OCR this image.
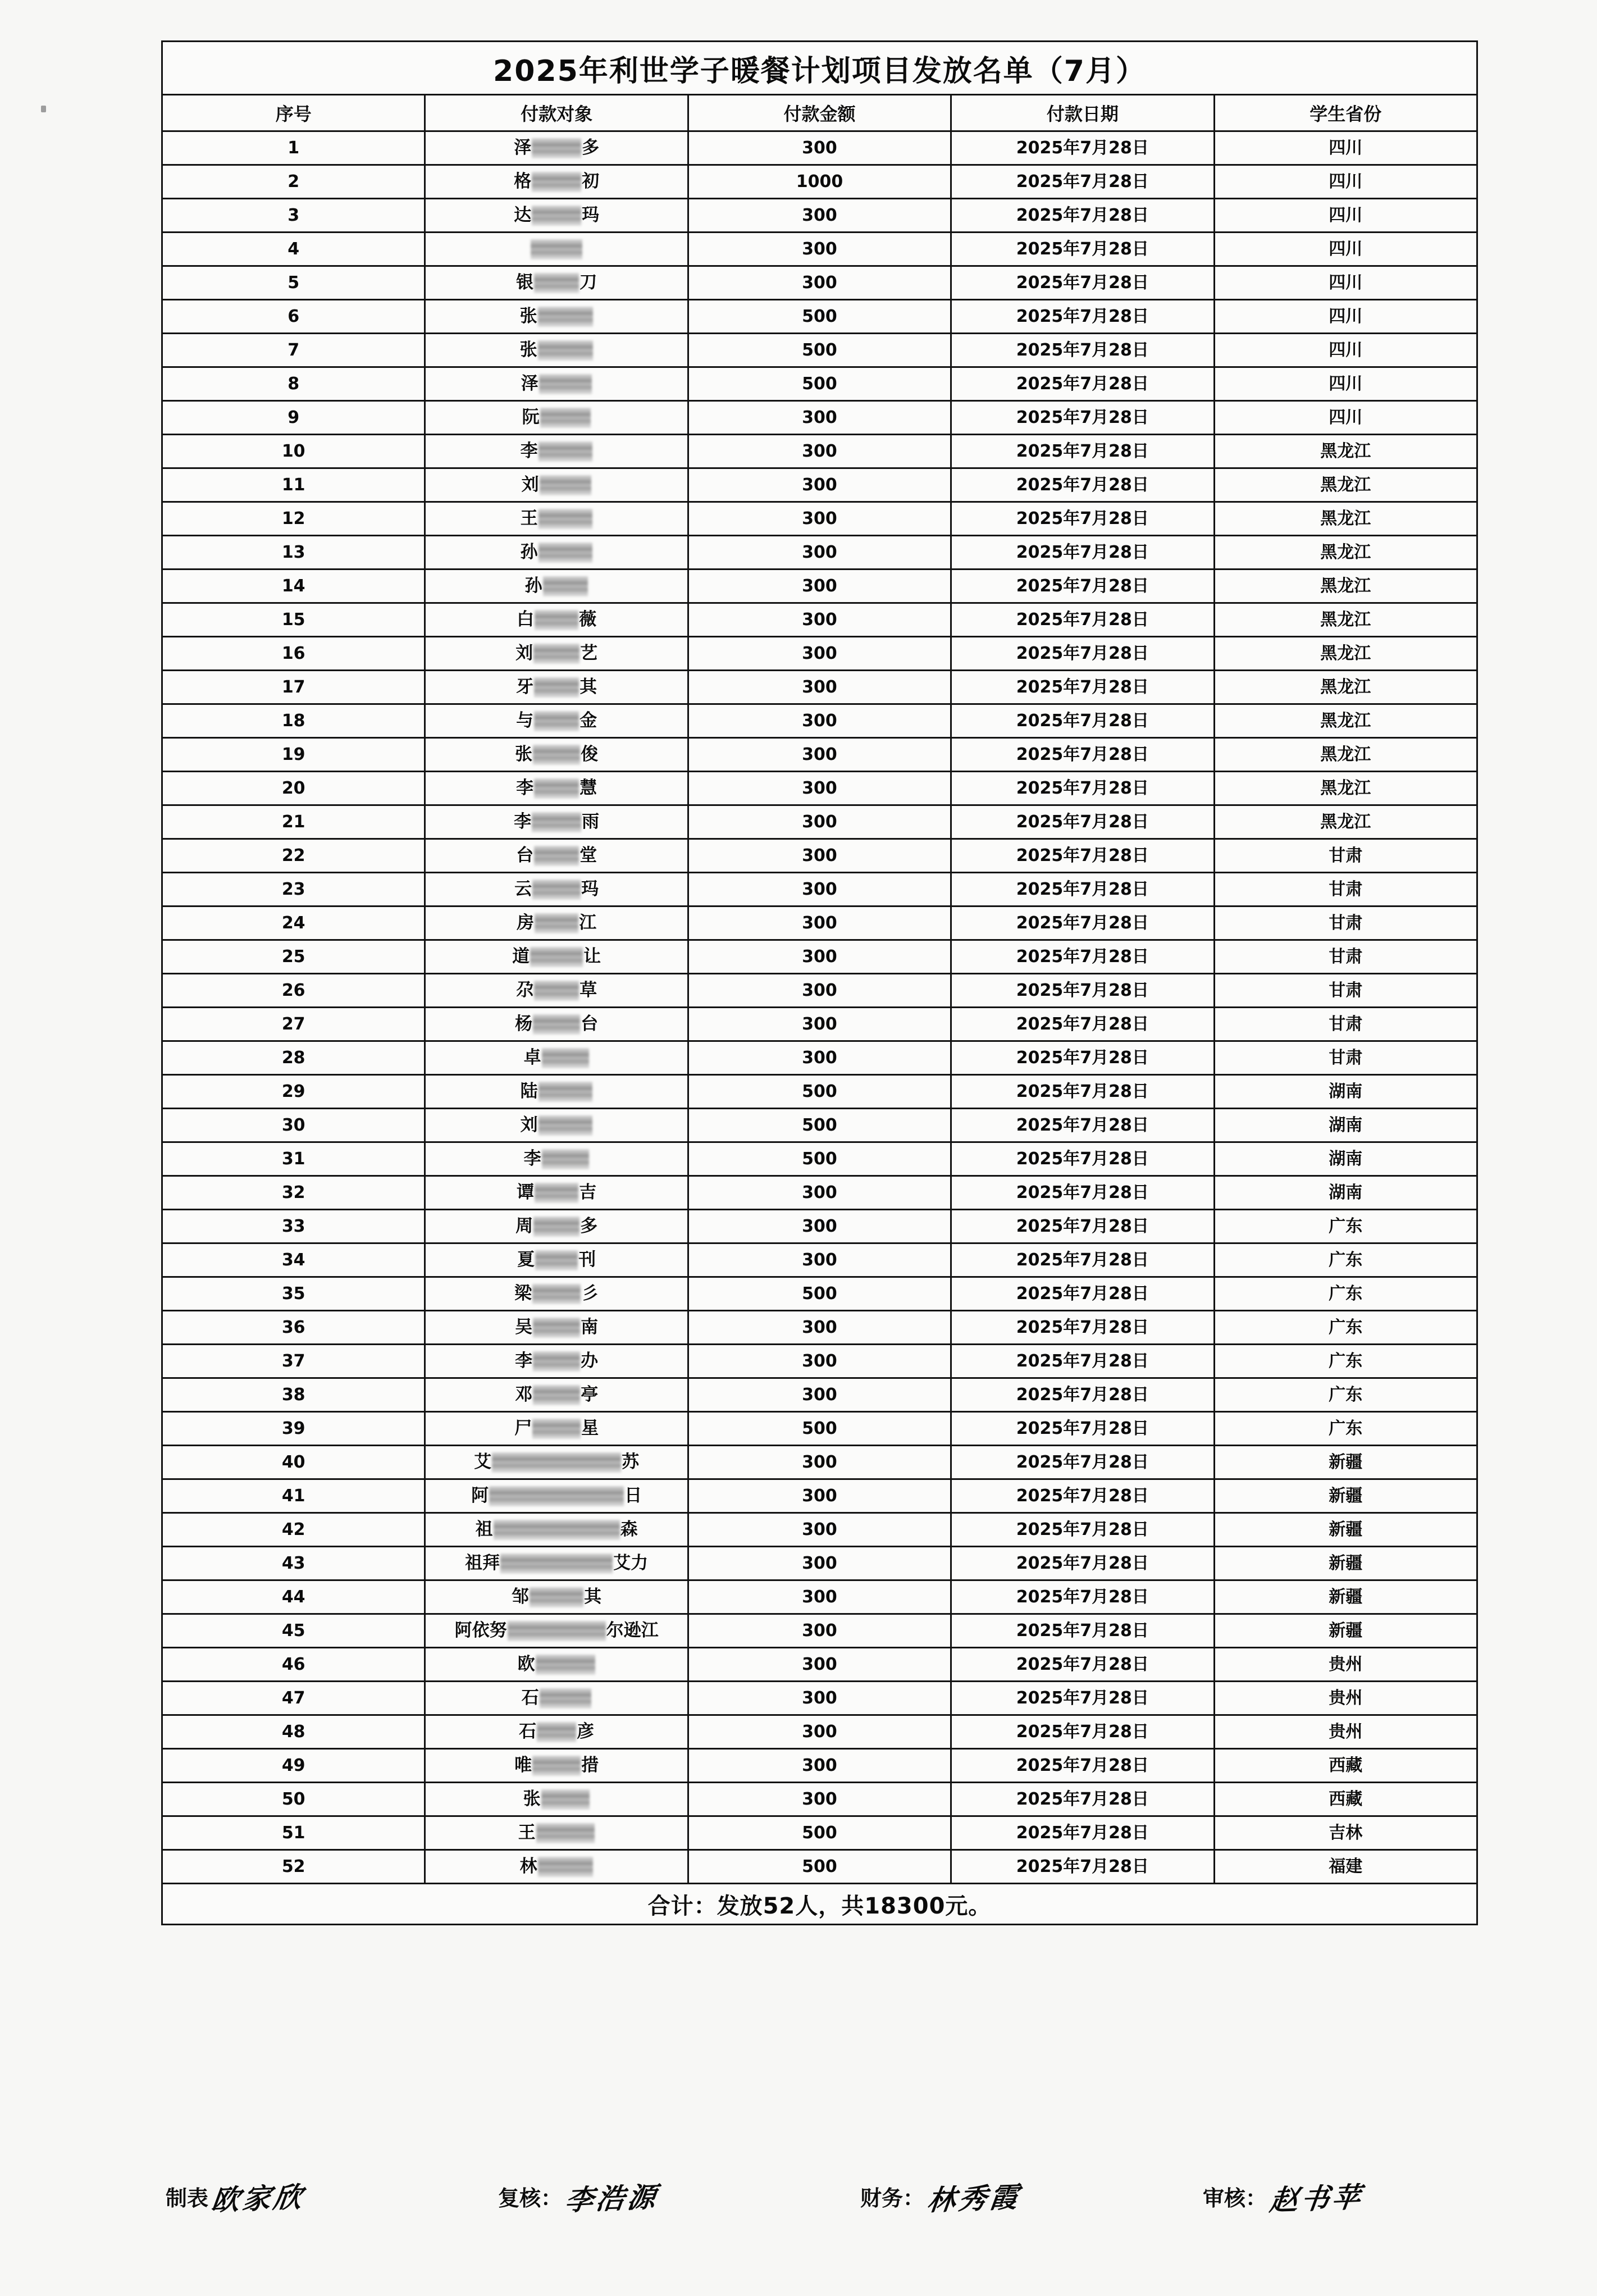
2025年利世学子暖餐计划项目发放名单（7月）				
序号	付款对象	付款金额	付款日期	学生省份
1	泽 多	300	2025年7月28日	四川
2	格 初	1000	2025年7月28日	四川
3	达 玛	300	2025年7月28日	四川
4		300	2025年7月28日	四川
5	银 刀	300	2025年7月28日	四川
6	张	500	2025年7月28日	四川
7	张	500	2025年7月28日	四川
8	泽	500	2025年7月28日	四川
9	阮	300	2025年7月28日	四川
10	李	300	2025年7月28日	黑龙江
11	刘	300	2025年7月28日	黑龙江
12	王	300	2025年7月28日	黑龙江
13	孙	300	2025年7月28日	黑龙江
14	孙	300	2025年7月28日	黑龙江
15	白 薇	300	2025年7月28日	黑龙江
16	刘 艺	300	2025年7月28日	黑龙江
17	牙 其	300	2025年7月28日	黑龙江
18	与 金	300	2025年7月28日	黑龙江
19	张 俊	300	2025年7月28日	黑龙江
20	李 慧	300	2025年7月28日	黑龙江
21	李 雨	300	2025年7月28日	黑龙江
22	台 堂	300	2025年7月28日	甘肃
23	云 玛	300	2025年7月28日	甘肃
24	房 江	300	2025年7月28日	甘肃
25	道 让	300	2025年7月28日	甘肃
26	尕 草	300	2025年7月28日	甘肃
27	杨 台	300	2025年7月28日	甘肃
28	卓	300	2025年7月28日	甘肃
29	陆	500	2025年7月28日	湖南
30	刘	500	2025年7月28日	湖南
31	李	500	2025年7月28日	湖南
32	谭 吉	300	2025年7月28日	湖南
33	周 多	300	2025年7月28日	广东
34	夏 刊	300	2025年7月28日	广东
35	梁 彡	500	2025年7月28日	广东
36	吴 南	300	2025年7月28日	广东
37	李 办	300	2025年7月28日	广东
38	邓 亭	300	2025年7月28日	广东
39	尸 星	500	2025年7月28日	广东
40	艾 苏	300	2025年7月28日	新疆
41	阿 日	300	2025年7月28日	新疆
42	祖 森	300	2025年7月28日	新疆
43	祖拜 艾力	300	2025年7月28日	新疆
44	邹 其	300	2025年7月28日	新疆
45	阿依努 尔逊江	300	2025年7月28日	新疆
46	欧	300	2025年7月28日	贵州
47	石	300	2025年7月28日	贵州
48	石 彦	300	2025年7月28日	贵州
49	唯 措	300	2025年7月28日	西藏
50	张	300	2025年7月28日	西藏
51	王	500	2025年7月28日	吉林
52	林	500	2025年7月28日	福建
合计：发放52人，共18300元。				
制表 欧家欣	复核： 李浩源	财务： 林秀霞	审核： 赵书苹
